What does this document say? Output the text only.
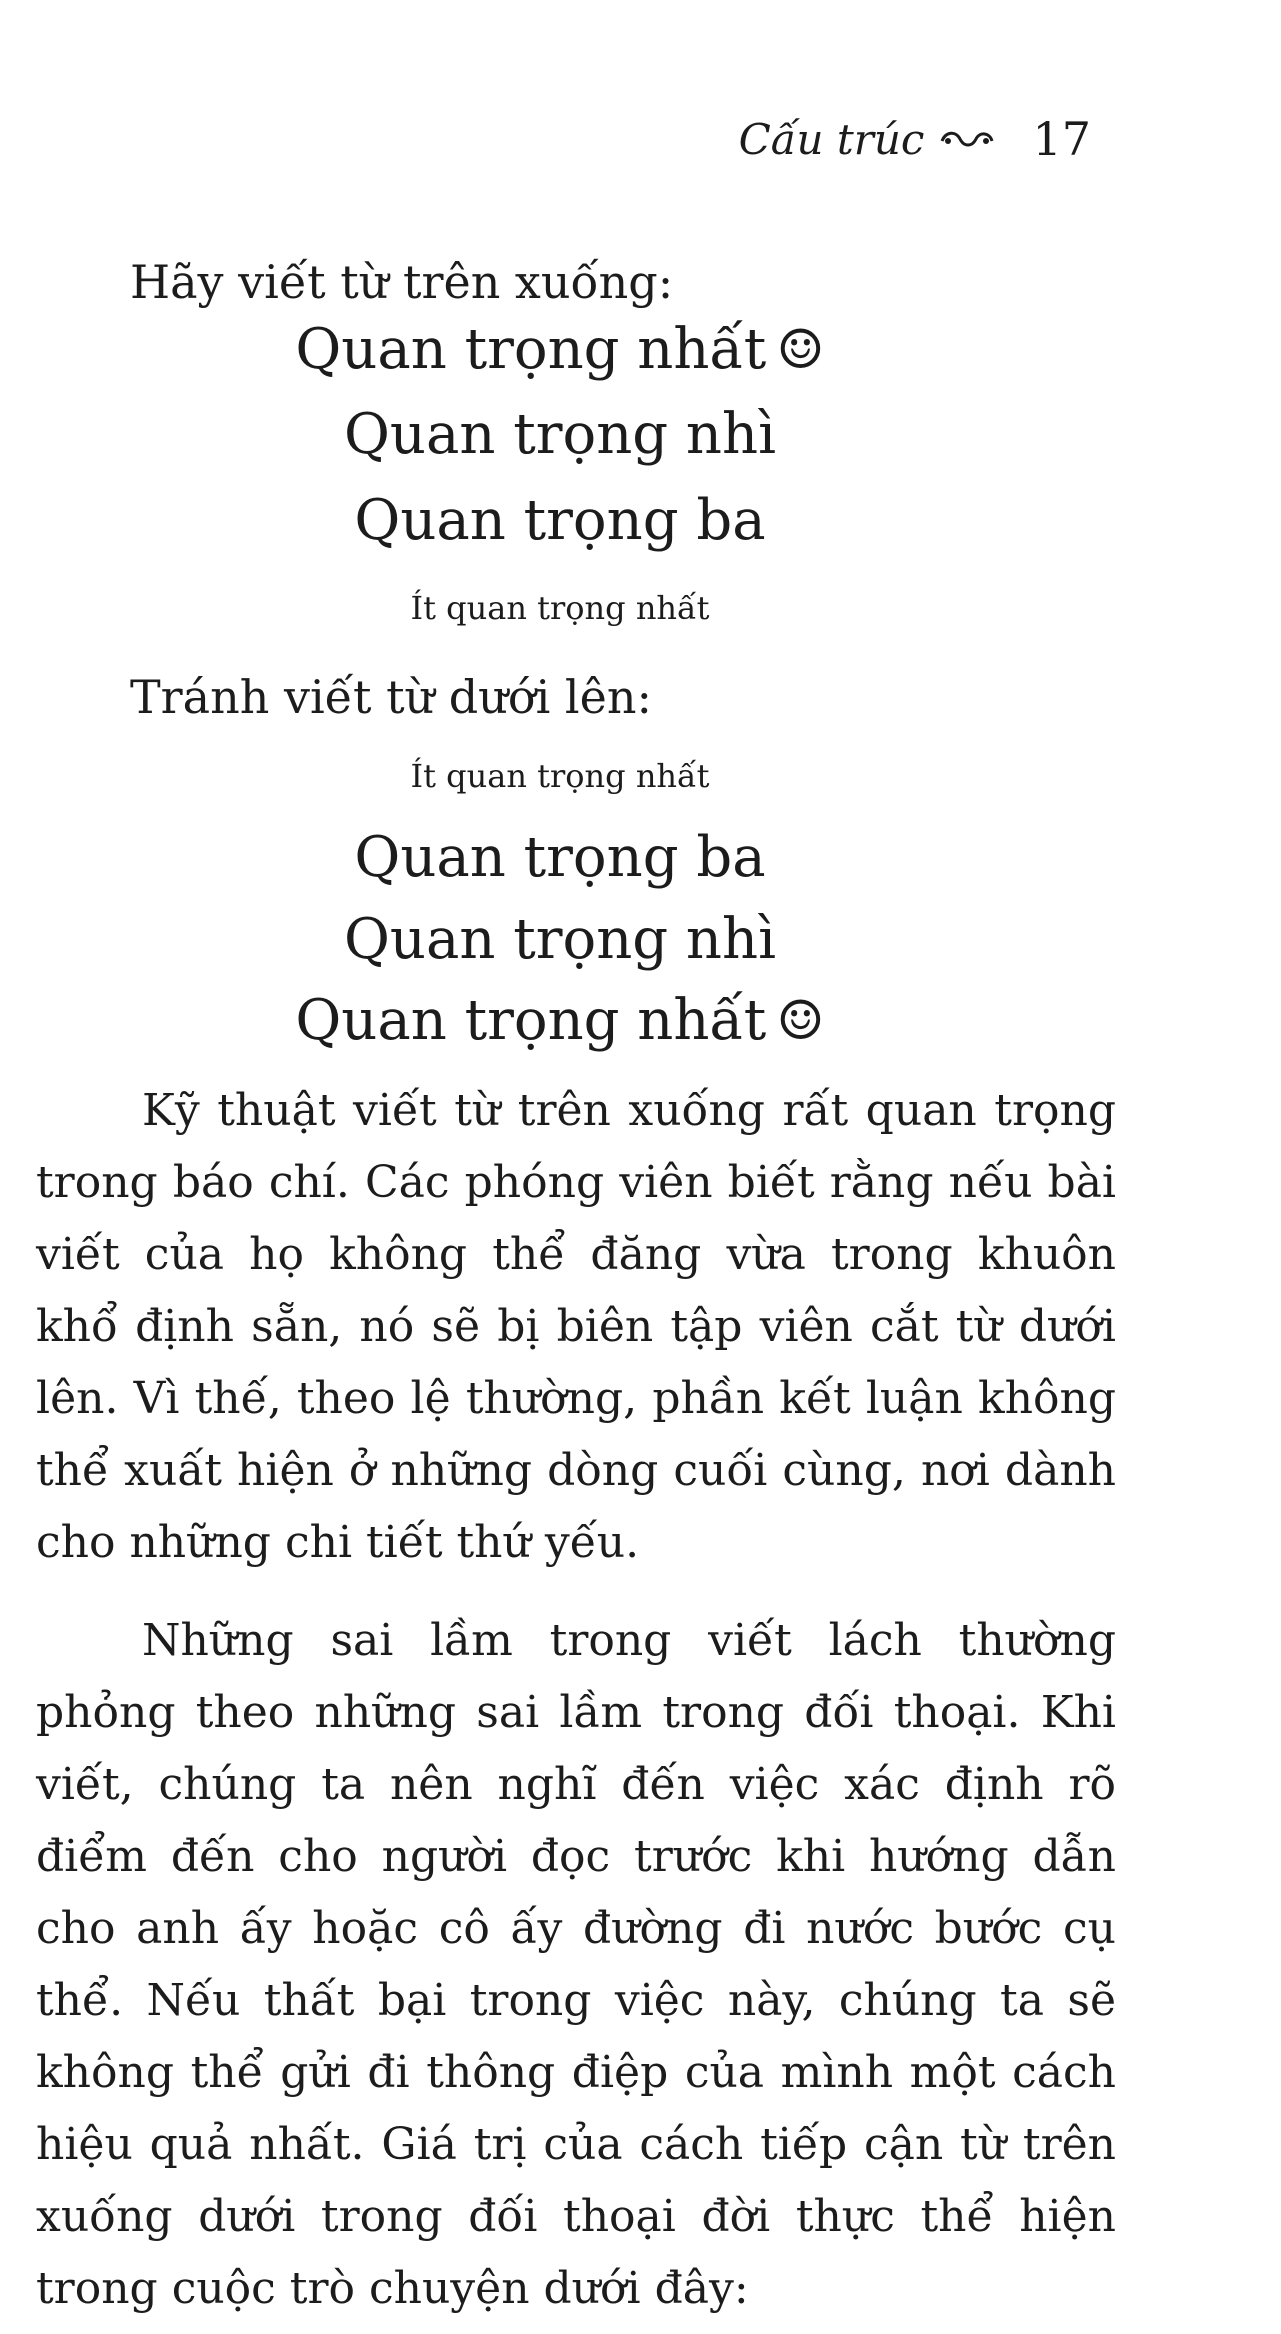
Cấu trúc 17
Hãy viết từ trên xuống:
Quan trọng nhất ☺
Quan trọng nhì
Quan trọng ba
Ít quan trọng nhất
Tránh viết từ dưới lên:
Ít quan trọng nhất
Quan trọng ba
Quan trọng nhì
Quan trọng nhất ☺

Kỹ thuật viết từ trên xuống rất quan trọng trong báo chí. Các phóng viên biết rằng nếu bài viết của họ không thể đăng vừa trong khuôn khổ định sẵn, nó sẽ bị biên tập viên cắt từ dưới lên. Vì thế, theo lệ thường, phần kết luận không thể xuất hiện ở những dòng cuối cùng, nơi dành cho những chi tiết thứ yếu.

Những sai lầm trong viết lách thường phỏng theo những sai lầm trong đối thoại. Khi viết, chúng ta nên nghĩ đến việc xác định rõ điểm đến cho người đọc trước khi hướng dẫn cho anh ấy hoặc cô ấy đường đi nước bước cụ thể. Nếu thất bại trong việc này, chúng ta sẽ không thể gửi đi thông điệp của mình một cách hiệu quả nhất. Giá trị của cách tiếp cận từ trên xuống dưới trong đối thoại đời thực thể hiện trong cuộc trò chuyện dưới đây:
